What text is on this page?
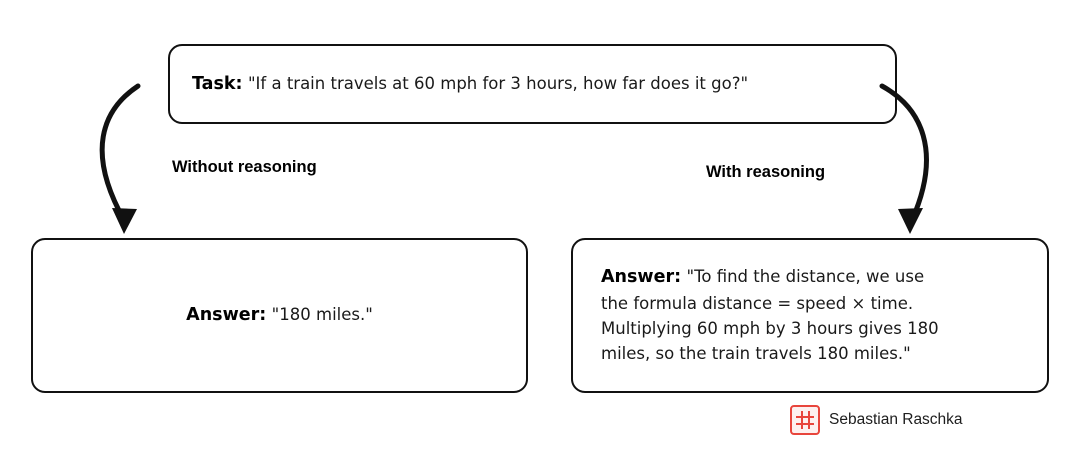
Task: "If a train travels at 60 mph for 3 hours, how far does it go?"
Without reasoning	With reasoning
Answer: "180 miles."
Answer: "To find the distance, we use
the formula distance = speed × time.
Multiplying 60 mph by 3 hours gives 180
miles, so the train travels 180 miles."
Sebastian Raschka
